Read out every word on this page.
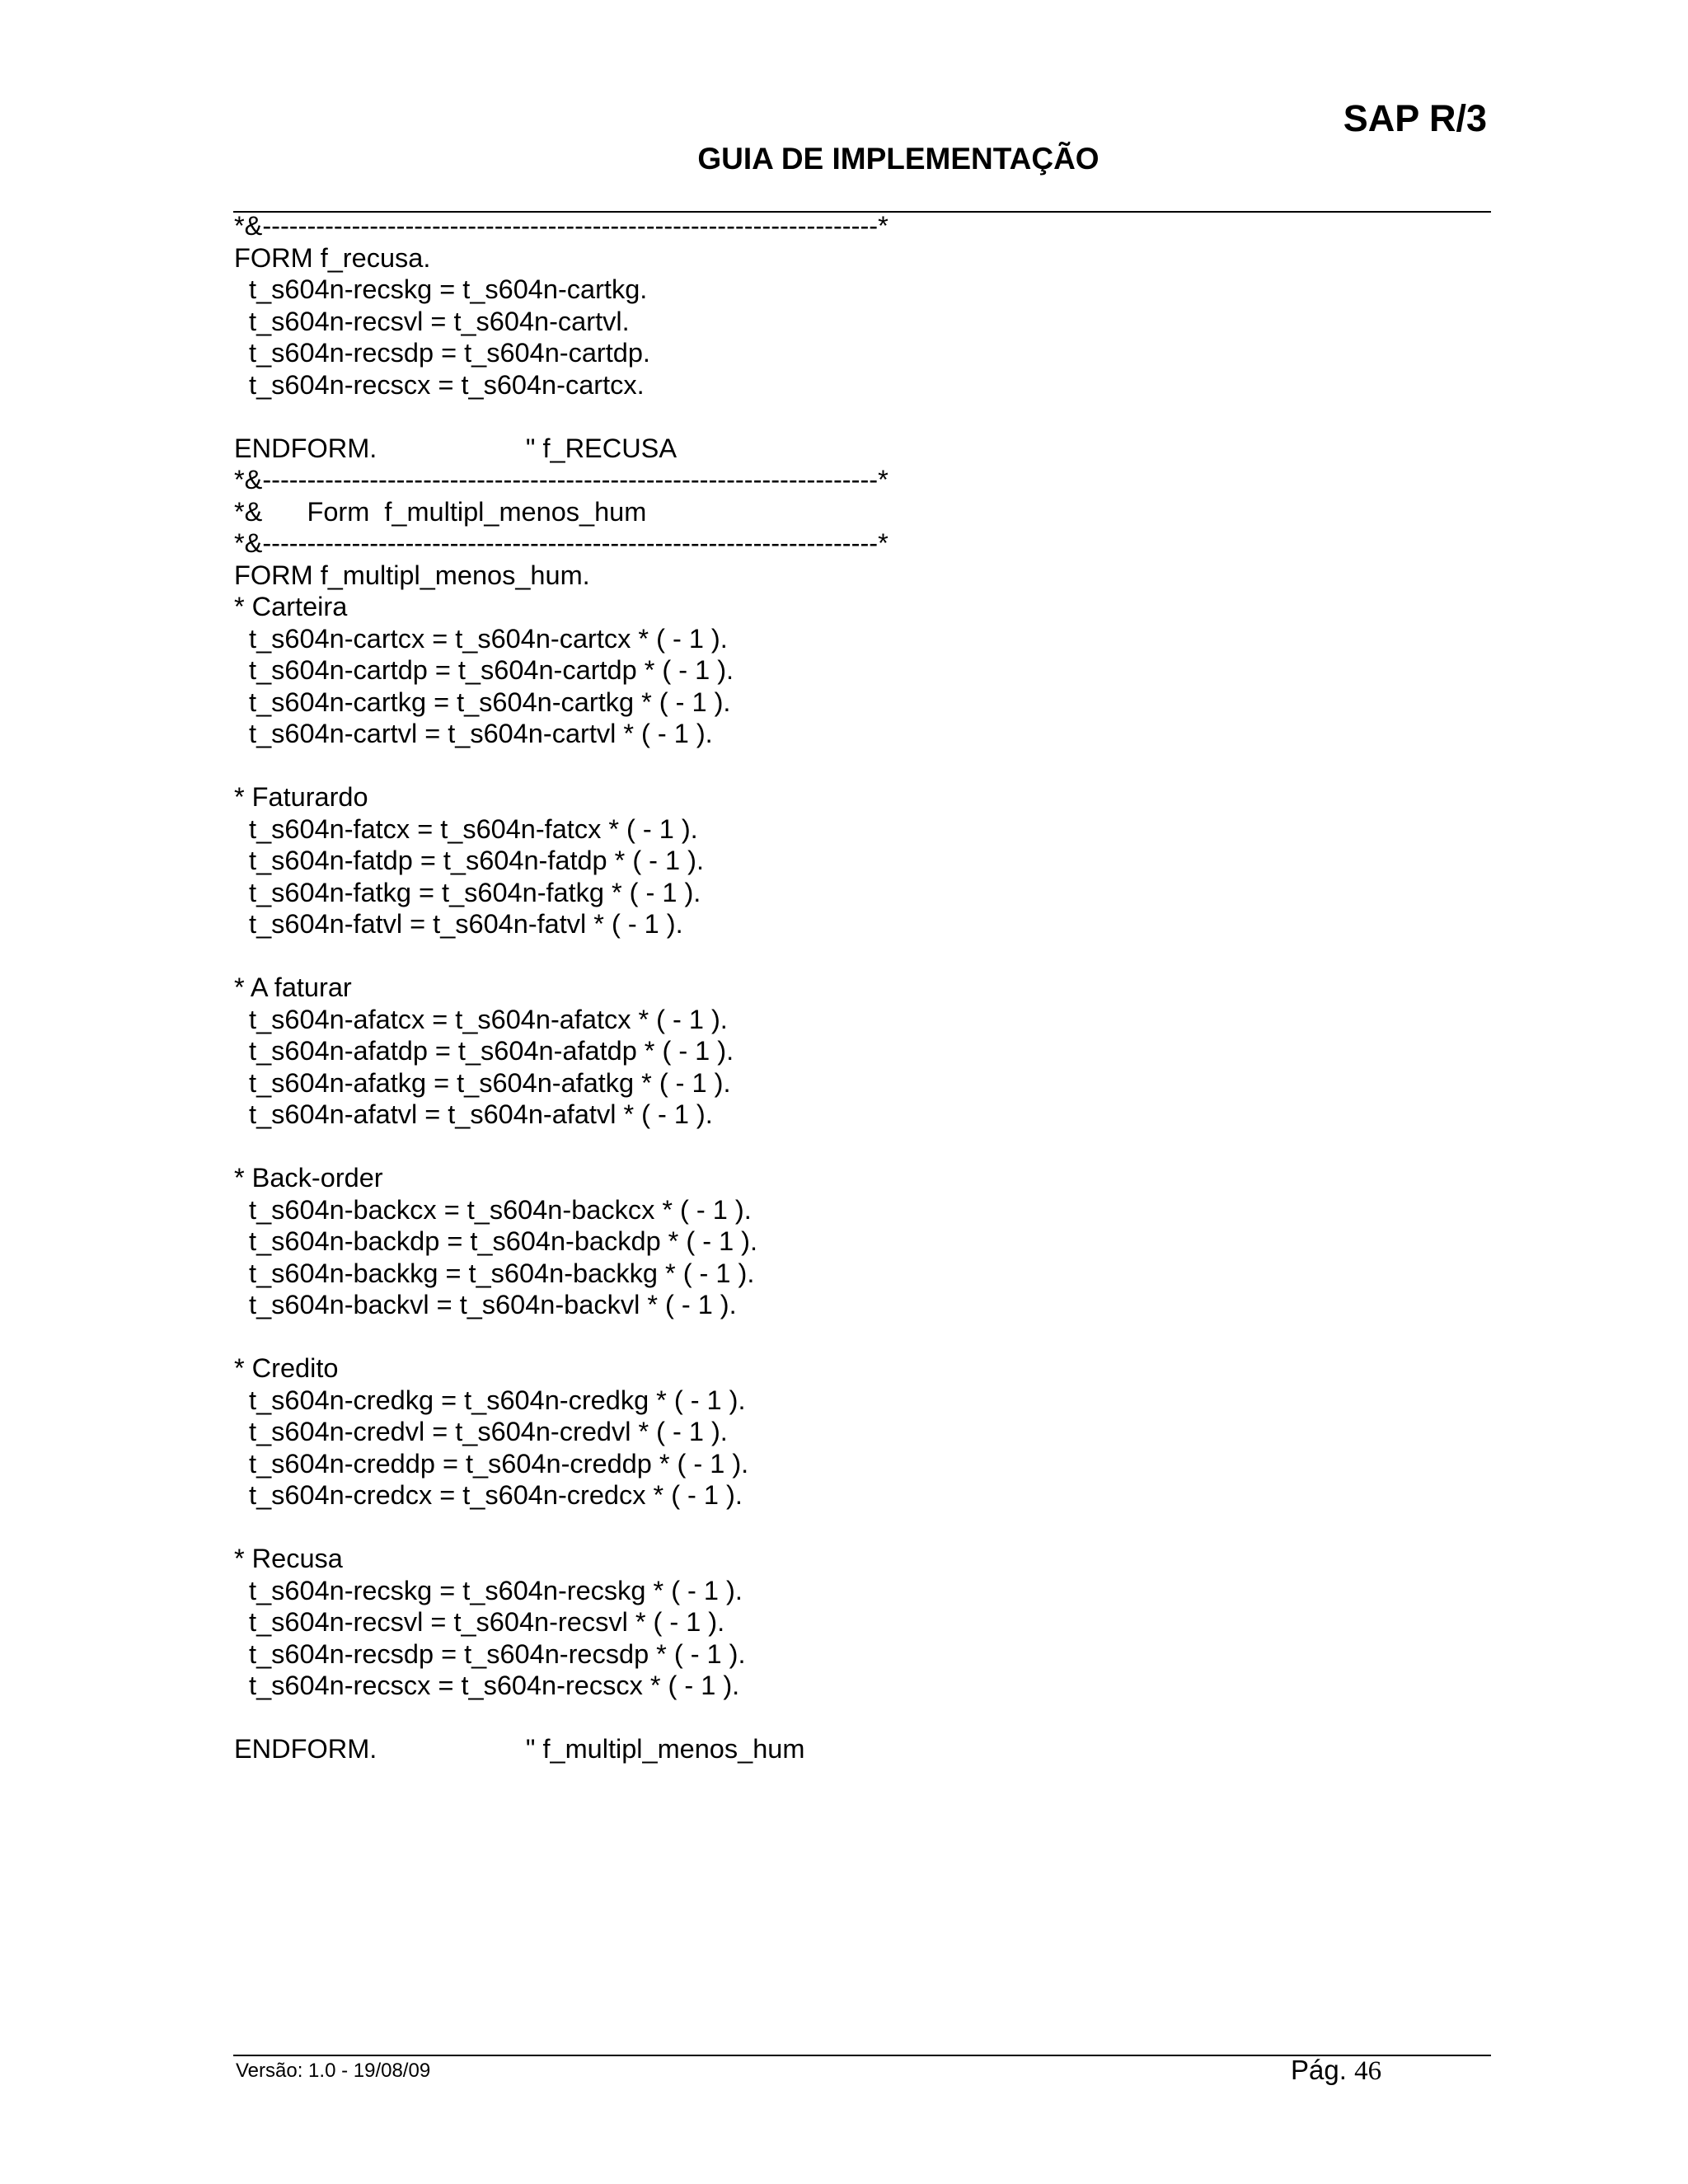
SAP R/3

GUIA DE IMPLEMENTAÇÃO

*&---------------------------------------------------------------------*
FORM f_recusa.
t_s604n-recskg = t_s604n-cartkg.
t_s604n-recsvl = t_s604n-cartvl.
t_s604n-recsdp = t_s604n-cartdp.
t_s604n-recscx = t_s604n-cartcx.
ENDFORM.                    " f_RECUSA
*&---------------------------------------------------------------------*
*&      Form  f_multipl_menos_hum
*&---------------------------------------------------------------------*
FORM f_multipl_menos_hum.
* Carteira
t_s604n-cartcx = t_s604n-cartcx * ( - 1 ).
t_s604n-cartdp = t_s604n-cartdp * ( - 1 ).
t_s604n-cartkg = t_s604n-cartkg * ( - 1 ).
t_s604n-cartvl = t_s604n-cartvl * ( - 1 ).
* Faturardo
t_s604n-fatcx = t_s604n-fatcx * ( - 1 ).
t_s604n-fatdp = t_s604n-fatdp * ( - 1 ).
t_s604n-fatkg = t_s604n-fatkg * ( - 1 ).
t_s604n-fatvl = t_s604n-fatvl * ( - 1 ).
* A faturar
t_s604n-afatcx = t_s604n-afatcx * ( - 1 ).
t_s604n-afatdp = t_s604n-afatdp * ( - 1 ).
t_s604n-afatkg = t_s604n-afatkg * ( - 1 ).
t_s604n-afatvl = t_s604n-afatvl * ( - 1 ).
* Back-order
t_s604n-backcx = t_s604n-backcx * ( - 1 ).
t_s604n-backdp = t_s604n-backdp * ( - 1 ).
t_s604n-backkg = t_s604n-backkg * ( - 1 ).
t_s604n-backvl = t_s604n-backvl * ( - 1 ).
* Credito
t_s604n-credkg = t_s604n-credkg * ( - 1 ).
t_s604n-credvl = t_s604n-credvl * ( - 1 ).
t_s604n-creddp = t_s604n-creddp * ( - 1 ).
t_s604n-credcx = t_s604n-credcx * ( - 1 ).
* Recusa
t_s604n-recskg = t_s604n-recskg * ( - 1 ).
t_s604n-recsvl = t_s604n-recsvl * ( - 1 ).
t_s604n-recsdp = t_s604n-recsdp * ( - 1 ).
t_s604n-recscx = t_s604n-recscx * ( - 1 ).
ENDFORM.                    " f_multipl_menos_hum

Versão: 1.0 - 19/08/09	Pág. 46
